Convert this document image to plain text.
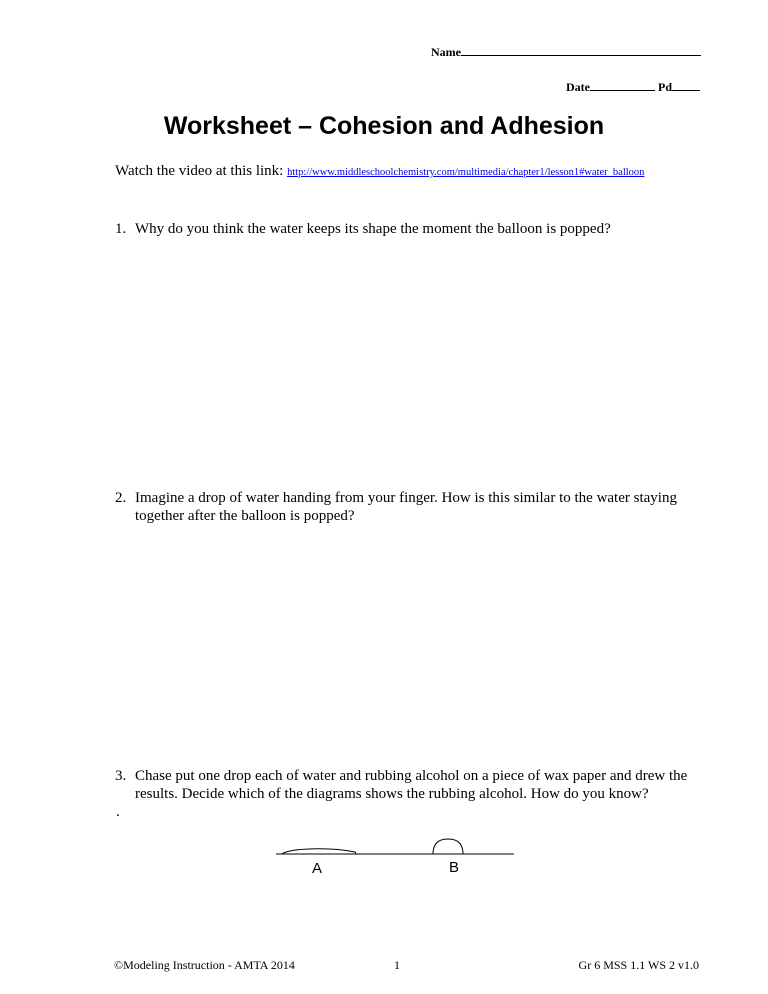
Name
Date	Pd
Worksheet – Cohesion and Adhesion
Watch the video at this link: http://www.middleschoolchemistry.com/multimedia/chapter1/lesson1#water_balloon
1. Why do you think the water keeps its shape the moment the balloon is popped?
2. Imagine a drop of water handing from your finger. How is this similar to the water staying together after the balloon is popped?
3. Chase put one drop each of water and rubbing alcohol on a piece of wax paper and drew the results. Decide which of the diagrams shows the rubbing alcohol. How do you know?
.
A	B
©Modeling Instruction - AMTA 2014	1	Gr 6 MSS 1.1 WS 2 v1.0
